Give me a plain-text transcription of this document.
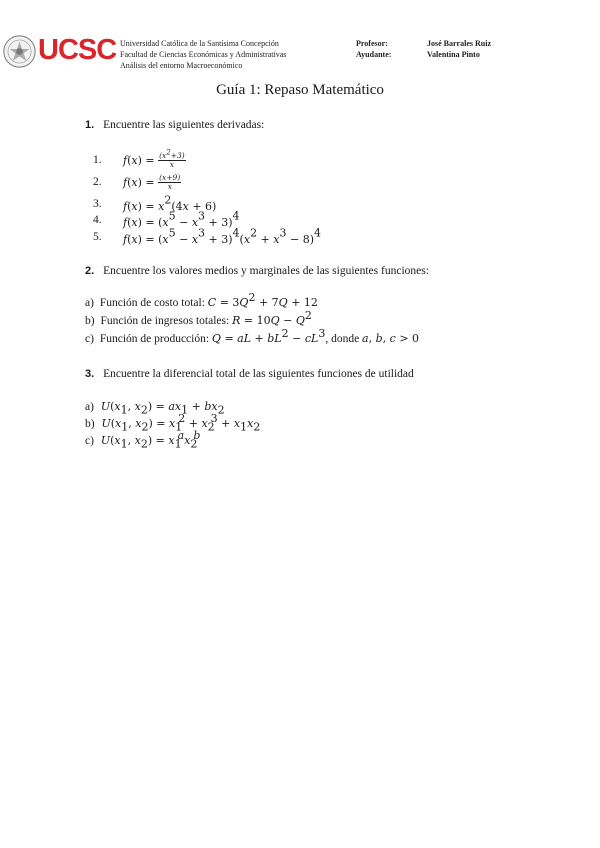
UCSC Universidad Católica de la Santísima Concepción
Facultad de Ciencias Económicas y Administrativas
Análisis del entorno Macroeconómico
Profesor:
Ayudante:
José Barrales Ruiz
Valentina Pinto
Guía 1: Repaso Matemático
1. Encuentre las siguientes derivadas:
1. $f(x) = \frac{(x^2+3)}{x}$
2. $f(x) = \frac{(x+9)}{x}$
3. $f(x) = x^2(4x + 6)$
4. $f(x) = (x^5 - x^3 + 3)^4$
5. $f(x) = (x^5 - x^3 + 3)^4(x^2 + x^3 - 8)^4$
2. Encuentre los valores medios y marginales de las siguientes funciones:
a) Función de costo total: $C = 3Q^2 + 7Q + 12$
b) Función de ingresos totales: $R = 10Q - Q^2$
c) Función de producción: Q = aL + $bL^2 - cL^3$, donde a, b, c > 0
3. Encuentre la diferencial total de las siguientes funciones de utilidad
a) $U(x_1$, $x_2) = ax_1 + bx_2$
b) $U(x_1$, $x_2) = x_1^2 + x_2^3 + x_1x_2$
c) $U(x_1$, $x_2) = x_1^ax_2^b$
